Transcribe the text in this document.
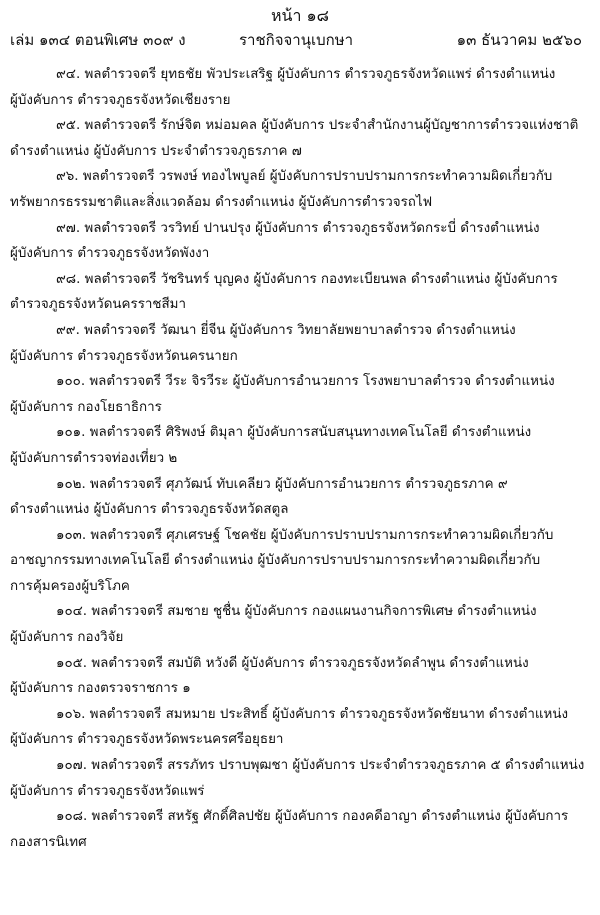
หน้า ๑๘
เล่ม ๑๓๔ ตอนพิเศษ ๓๐๙ ง	ราชกิจจานุเบกษา	๑๓ ธันวาคม ๒๕๖๐

๙๔. พลตำรวจตรี ยุทธชัย พัวประเสริฐ ผู้บังคับการ ตำรวจภูธรจังหวัดแพร่ ดำรงตำแหน่ง
ผู้บังคับการ ตำรวจภูธรจังหวัดเชียงราย

๙๕. พลตำรวจตรี รักษ์จิต หม่อมคล ผู้บังคับการ ประจำสำนักงานผู้บัญชาการตำรวจแห่งชาติ
ดำรงตำแหน่ง ผู้บังคับการ ประจำตำรวจภูธรภาค ๗

๙๖. พลตำรวจตรี วรพงษ์ ทองไพบูลย์ ผู้บังคับการปราบปรามการกระทำความผิดเกี่ยวกับ
ทรัพยากรธรรมชาติและสิ่งแวดล้อม ดำรงตำแหน่ง ผู้บังคับการตำรวจรถไฟ

๙๗. พลตำรวจตรี วรวิทย์ ปานปรุง ผู้บังคับการ ตำรวจภูธรจังหวัดกระบี่ ดำรงตำแหน่ง
ผู้บังคับการ ตำรวจภูธรจังหวัดพังงา

๙๘. พลตำรวจตรี วัชรินทร์ บุญคง ผู้บังคับการ กองทะเบียนพล ดำรงตำแหน่ง ผู้บังคับการ
ตำรวจภูธรจังหวัดนครราชสีมา

๙๙. พลตำรวจตรี วัฒนา ยี่จีน ผู้บังคับการ วิทยาลัยพยาบาลตำรวจ ดำรงตำแหน่ง
ผู้บังคับการ ตำรวจภูธรจังหวัดนครนายก

๑๐๐. พลตำรวจตรี วีระ จิรวีระ ผู้บังคับการอำนวยการ โรงพยาบาลตำรวจ ดำรงตำแหน่ง
ผู้บังคับการ กองโยธาธิการ

๑๐๑. พลตำรวจตรี ศิริพงษ์ ติมุลา ผู้บังคับการสนับสนุนทางเทคโนโลยี ดำรงตำแหน่ง
ผู้บังคับการตำรวจท่องเที่ยว ๒

๑๐๒. พลตำรวจตรี ศุภวัฒน์ ทับเคลียว ผู้บังคับการอำนวยการ ตำรวจภูธรภาค ๙
ดำรงตำแหน่ง ผู้บังคับการ ตำรวจภูธรจังหวัดสตูล

๑๐๓. พลตำรวจตรี ศุภเศรษฐ์ โชคชัย ผู้บังคับการปราบปรามการกระทำความผิดเกี่ยวกับ
อาชญากรรมทางเทคโนโลยี ดำรงตำแหน่ง ผู้บังคับการปราบปรามการกระทำความผิดเกี่ยวกับ
การคุ้มครองผู้บริโภค

๑๐๔. พลตำรวจตรี สมชาย ชูชื่น ผู้บังคับการ กองแผนงานกิจการพิเศษ ดำรงตำแหน่ง
ผู้บังคับการ กองวิจัย

๑๐๕. พลตำรวจตรี สมบัติ หวังดี ผู้บังคับการ ตำรวจภูธรจังหวัดลำพูน ดำรงตำแหน่ง
ผู้บังคับการ กองตรวจราชการ ๑

๑๐๖. พลตำรวจตรี สมหมาย ประสิทธิ์ ผู้บังคับการ ตำรวจภูธรจังหวัดชัยนาท ดำรงตำแหน่ง
ผู้บังคับการ ตำรวจภูธรจังหวัดพระนครศรีอยุธยา

๑๐๗. พลตำรวจตรี สรรภัทร ปราบพุฒชา ผู้บังคับการ ประจำตำรวจภูธรภาค ๕ ดำรงตำแหน่ง
ผู้บังคับการ ตำรวจภูธรจังหวัดแพร่

๑๐๘. พลตำรวจตรี สหรัฐ ศักดิ์ศิลปชัย ผู้บังคับการ กองคดีอาญา ดำรงตำแหน่ง ผู้บังคับการ
กองสารนิเทศ
